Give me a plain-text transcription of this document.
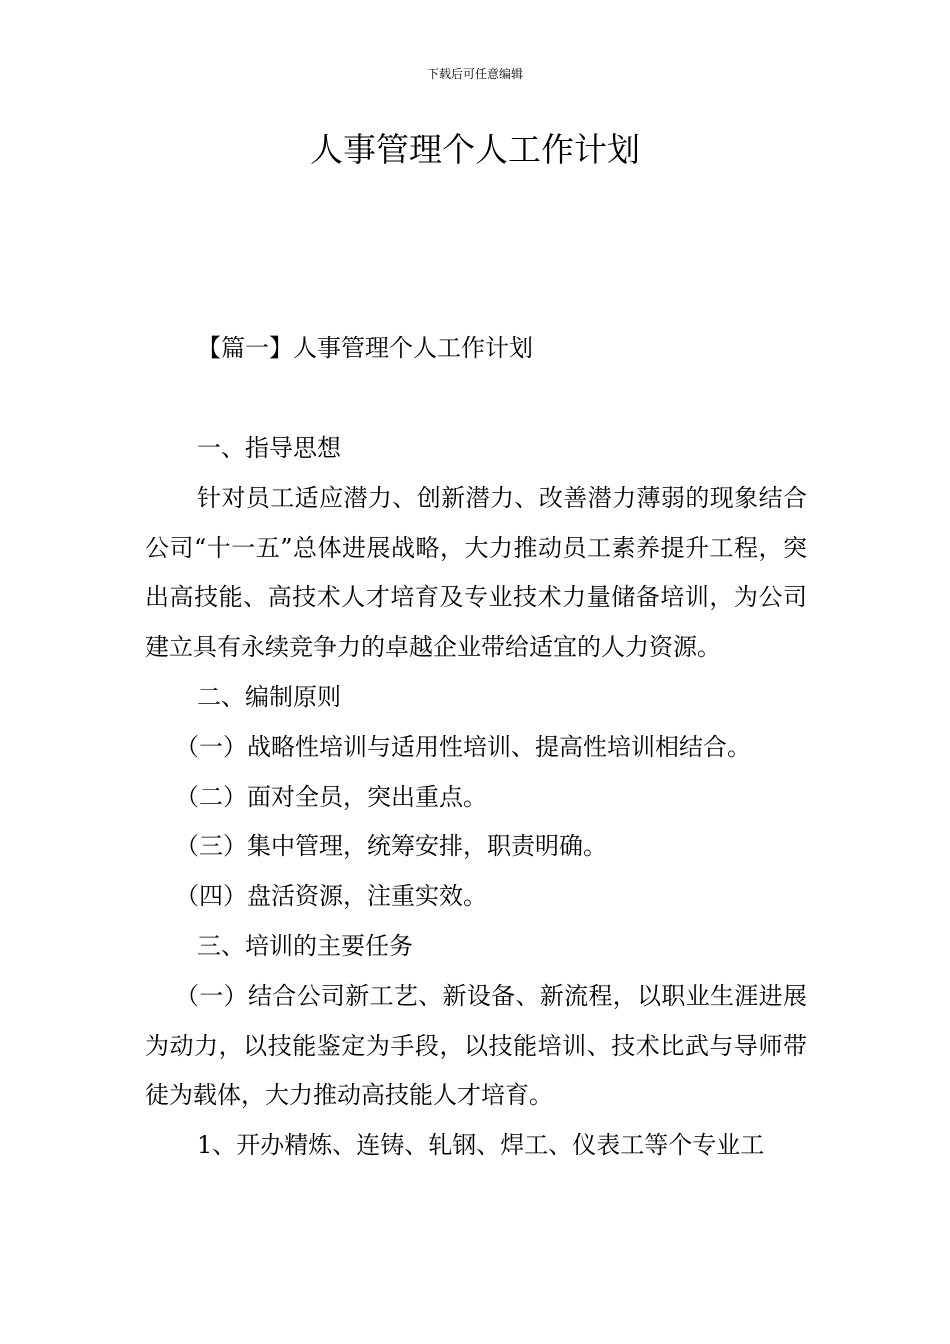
下载后可任意编辑
人事管理个人工作计划
【篇一】人事管理个人工作计划

一、指导思想

针对员工适应潜力、创新潜力、改善潜力薄弱的现象结合公司“十一五”总体进展战略，大力推动员工素养提升工程，突出高技能、高技术人才培育及专业技术力量储备培训，为公司建立具有永续竞争力的卓越企业带给适宜的人力资源。

二、编制原则

（一）战略性培训与适用性培训、提高性培训相结合。

（二）面对全员，突出重点。

（三）集中管理，统筹安排，职责明确。

（四）盘活资源，注重实效。

三、培训的主要任务

（一）结合公司新工艺、新设备、新流程，以职业生涯进展为动力，以技能鉴定为手段，以技能培训、技术比武与导师带徒为载体，大力推动高技能人才培育。

1、开办精炼、连铸、轧钢、焊工、仪表工等个专业工
